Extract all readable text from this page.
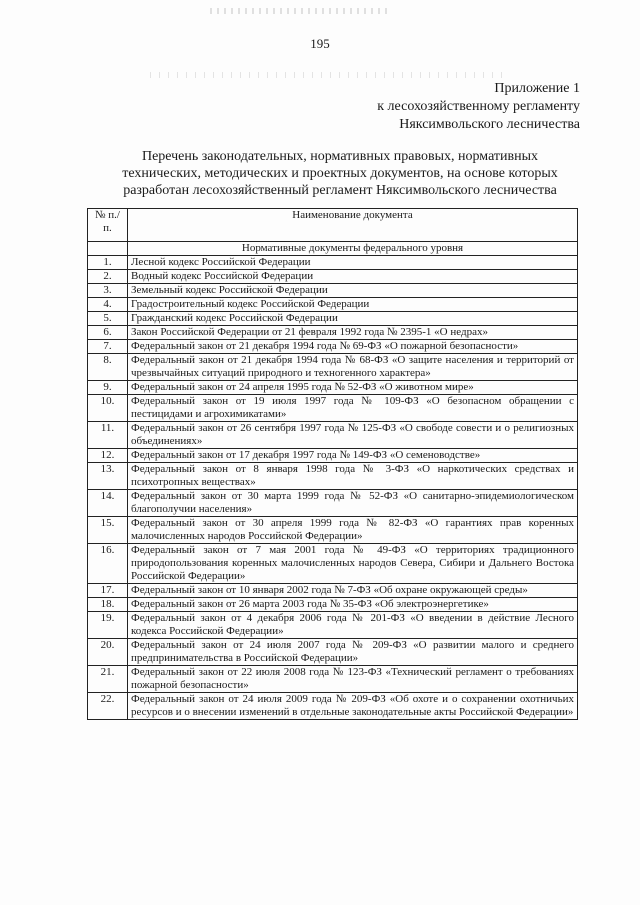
195
Приложение 1
к лесохозяйственному регламенту
Няксимвольского лесничества
Перечень законодательных, нормативных правовых, нормативных
технических, методических и проектных документов, на основе которых
разработан лесохозяйственный регламент Няксимвольского лесничества
№ п./п.	Наименование документа
	Нормативные документы федерального уровня
1.	Лесной кодекс Российской Федерации
2.	Водный кодекс Российской Федерации
3.	Земельный кодекс Российской Федерации
4.	Градостроительный кодекс Российской Федерации
5.	Гражданский кодекс Российской Федерации
6.	Закон Российской Федерации от 21 февраля 1992 года № 2395-1 «О недрах»
7.	Федеральный закон от 21 декабря 1994 года № 69-ФЗ «О пожарной безопасности»
8.	Федеральный закон от 21 декабря 1994 года № 68-ФЗ «О защите населения и территорий от чрезвычайных ситуаций природного и техногенного характера»
9.	Федеральный закон от 24 апреля 1995 года № 52-ФЗ «О животном мире»
10.	Федеральный закон от 19 июля 1997 года № 109-ФЗ «О безопасном обращении с пестицидами и агрохимикатами»
11.	Федеральный закон от 26 сентября 1997 года № 125-ФЗ «О свободе совести и о религиозных объединениях»
12.	Федеральный закон от 17 декабря 1997 года № 149-ФЗ «О семеноводстве»
13.	Федеральный закон от 8 января 1998 года № 3-ФЗ «О наркотических средствах и психотропных веществах»
14.	Федеральный закон от 30 марта 1999 года № 52-ФЗ «О санитарно-эпидемиологическом благополучии населения»
15.	Федеральный закон от 30 апреля 1999 года № 82-ФЗ «О гарантиях прав коренных малочисленных народов Российской Федерации»
16.	Федеральный закон от 7 мая 2001 года № 49-ФЗ «О территориях традиционного природопользования коренных малочисленных народов Севера, Сибири и Дальнего Востока Российской Федерации»
17.	Федеральный закон от 10 января 2002 года № 7-ФЗ «Об охране окружающей среды»
18.	Федеральный закон от 26 марта 2003 года № 35-ФЗ «Об электроэнергетике»
19.	Федеральный закон от 4 декабря 2006 года № 201-ФЗ «О введении в действие Лесного кодекса Российской Федерации»
20.	Федеральный закон от 24 июля 2007 года № 209-ФЗ «О развитии малого и среднего предпринимательства в Российской Федерации»
21.	Федеральный закон от 22 июля 2008 года № 123-ФЗ «Технический регламент о требованиях пожарной безопасности»
22.	Федеральный закон от 24 июля 2009 года № 209-ФЗ «Об охоте и о сохранении охотничьих ресурсов и о внесении изменений в отдельные законодательные акты Российской Федерации»
